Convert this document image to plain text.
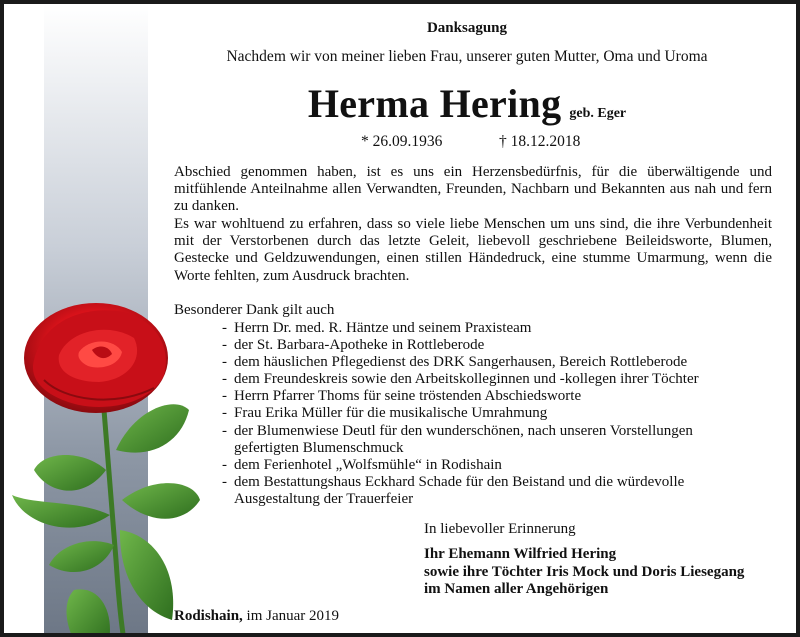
Danksagung

Nachdem wir von meiner lieben Frau, unserer guten Mutter, Oma und Uroma

Herma Hering geb. Eger

* 26.09.1936	† 18.12.2018

Abschied genommen haben, ist es uns ein Herzensbedürfnis, für die überwältigende und mitfühlende Anteilnahme allen Verwandten, Freunden, Nachbarn und Bekannten aus nah und fern zu danken.

Es war wohltuend zu erfahren, dass so viele liebe Menschen um uns sind, die ihre Verbundenheit mit der Verstorbenen durch das letzte Geleit, liebevoll geschriebene Beileidsworte, Blumen, Gestecke und Geldzuwendungen, einen stillen Händedruck, eine stumme Umarmung, wenn die Worte fehlten, zum Ausdruck brachten.

Besonderer Dank gilt auch

- Herrn Dr. med. R. Häntze und seinem Praxisteam
- der St. Barbara-Apotheke in Rottleberode
- dem häuslichen Pflegedienst des DRK Sangerhausen, Bereich Rottleberode
- dem Freundeskreis sowie den Arbeitskolleginnen und -kollegen ihrer Töchter
- Herrn Pfarrer Thoms für seine tröstenden Abschiedsworte
- Frau Erika Müller für die musikalische Umrahmung
- der Blumenwiese Deutl für den wunderschönen, nach unseren Vorstellungen
gefertigten Blumenschmuck
- dem Ferienhotel „Wolfsmühle“ in Rodishain
- dem Bestattungshaus Eckhard Schade für den Beistand und die würdevolle
Ausgestaltung der Trauerfeier

In liebevoller Erinnerung

Ihr Ehemann Wilfried Hering
sowie ihre Töchter Iris Mock und Doris Liesegang
im Namen aller Angehörigen

Rodishain, im Januar 2019
